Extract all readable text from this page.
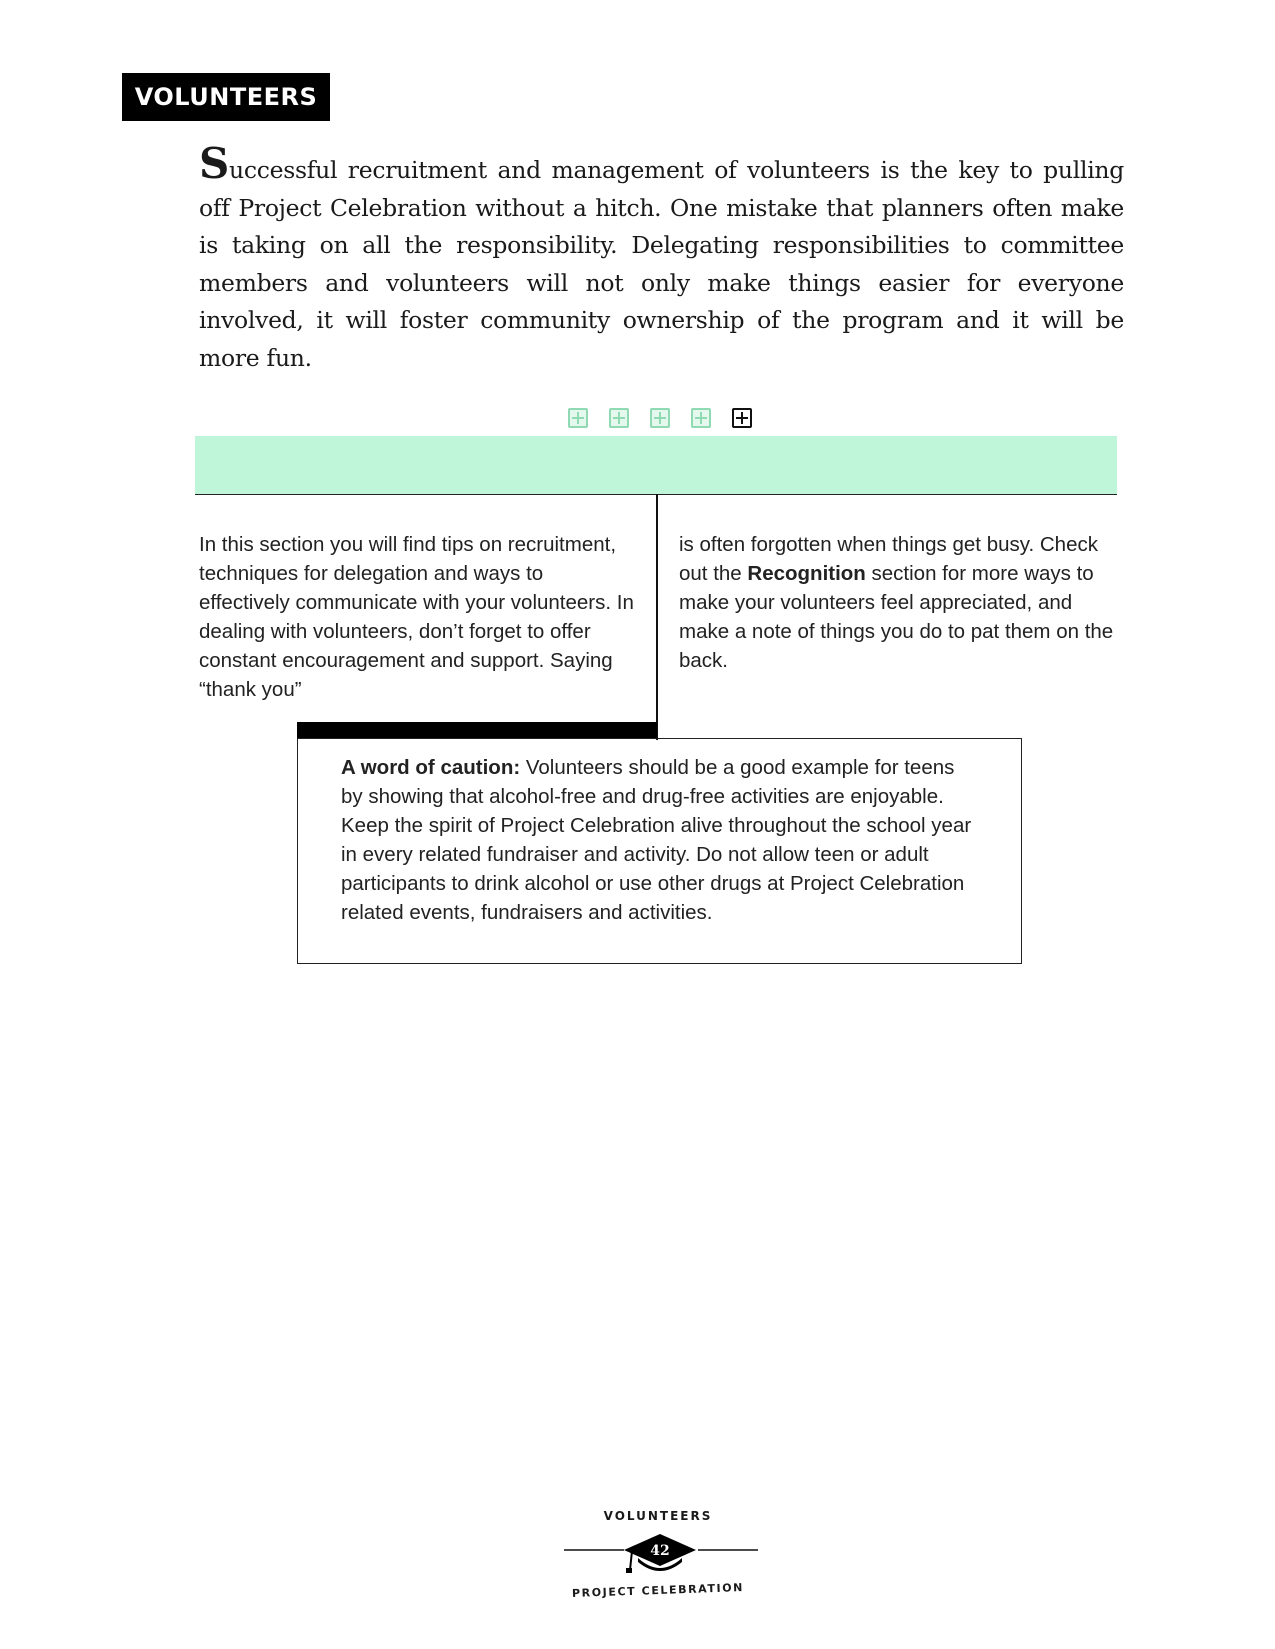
VOLUNTEERS

Successful recruitment and management of volunteers is the key to pulling off Project Celebration without a hitch. One mistake that planners often make is taking on all the responsibility. Delegating responsibilities to committee members and volunteers will not only make things easier for everyone involved, it will foster community ownership of the program and it will be more fun.

In this section you will find tips on recruitment, techniques for delegation and ways to effectively communicate with your volunteers. In dealing with volunteers, don’t forget to offer constant encouragement and support. Saying “thank you”

is often forgotten when things get busy. Check out the Recognition section for more ways to make your volunteers feel appreciated, and make a note of things you do to pat them on the back.

A word of caution: Volunteers should be a good example for teens by showing that alcohol-free and drug-free activities are enjoyable. Keep the spirit of Project Celebration alive throughout the school year in every related fundraiser and activity. Do not allow teen or adult participants to drink alcohol or use other drugs at Project Celebration related events, fundraisers and activities.

VOLUNTEERS
42
PROJECT CELEBRATION
